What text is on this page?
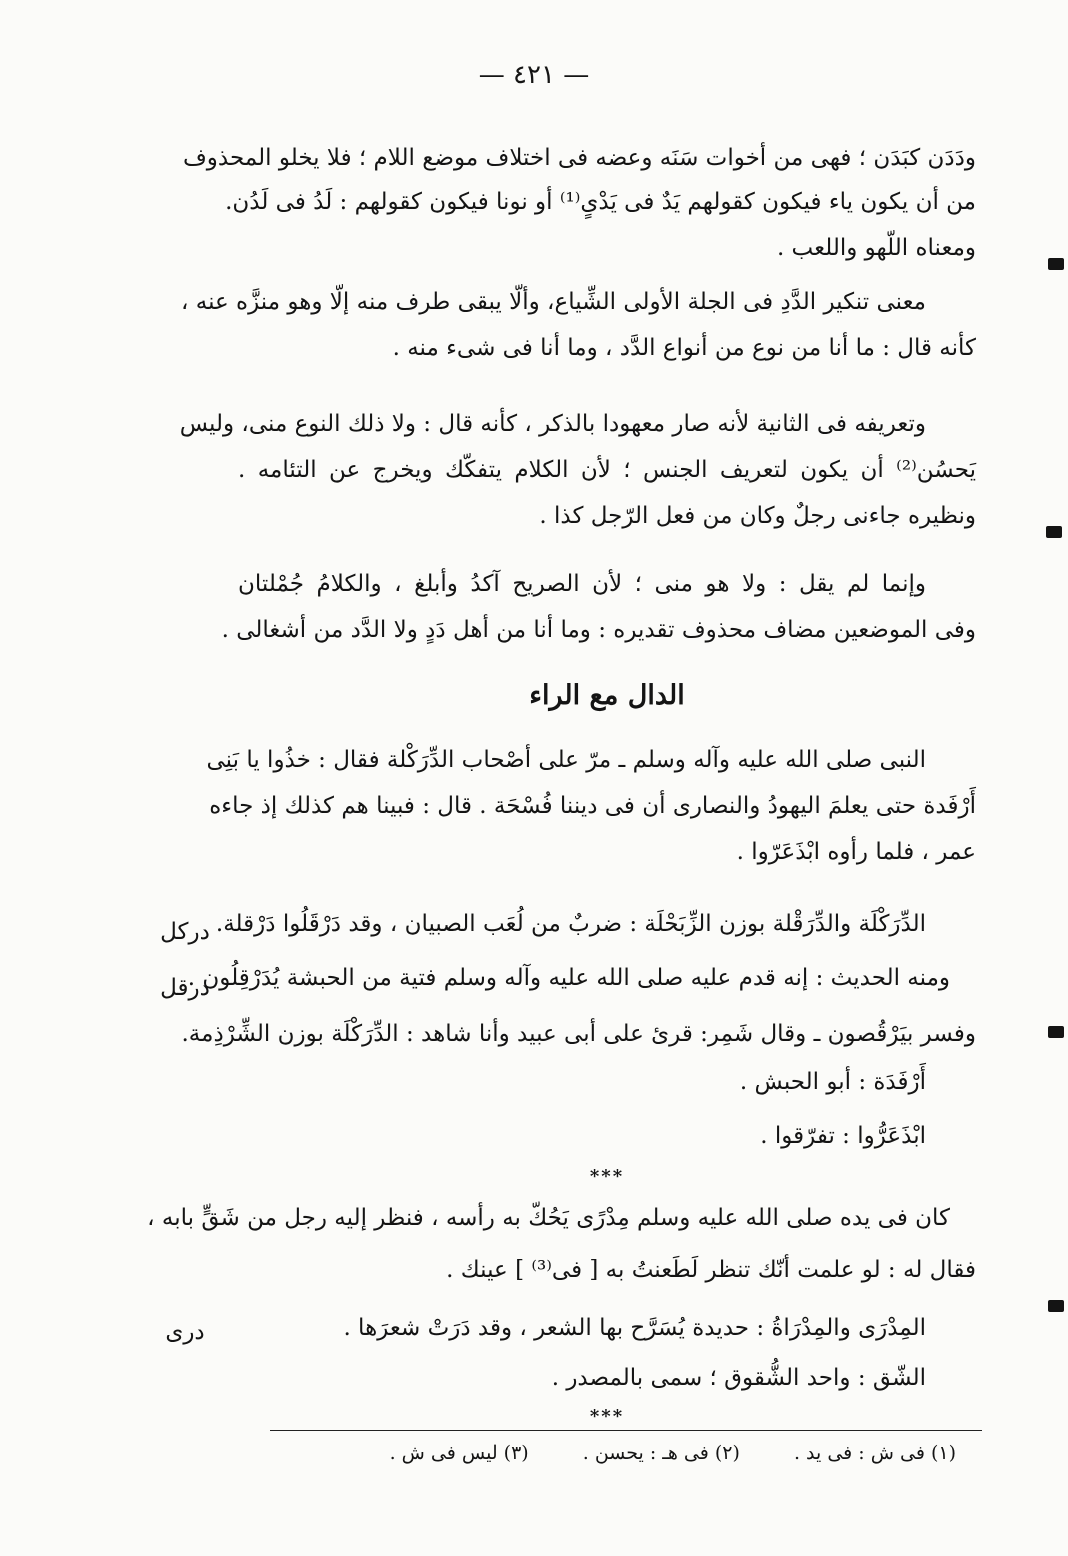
— ٤٢١ —
ودَدَن كبَدَن ؛ فهى من أخوات سَنَه وعضه فى اختلاف موضع اللام ؛ فلا يخلو المحذوف
من أن يكون ياء فيكون كقولهم يَدٌ فى يَدْىٍ⁽¹⁾ أو نونا فيكون كقولهم : لَدُ فى لَدُن.
ومعناه اللّهو واللعب .
معنى تنكير الدَّدِ فى الجلة الأولى الشِّياع، وألّا يبقى طرف منه إلّا وهو منزَّه عنه ،
كأنه قال : ما أنا من نوع من أنواع الدَّد ، وما أنا فى شىء منه .
وتعريفه فى الثانية لأنه صار معهودا بالذكر ، كأنه قال : ولا ذلك النوع منى، وليس
يَحسُن⁽²⁾ أن يكون لتعريف الجنس ؛ لأن الكلام يتفكّك ويخرج عن التئامه .
ونظيره جاءنى رجلٌ وكان من فعل الرّجل كذا .
وإنما لم يقل : ولا هو منى ؛ لأن الصريح آكدُ وأبلغ ، والكلامُ جُمْلتان
وفى الموضعين مضاف محذوف تقديره : وما أنا من أهل دَدٍ ولا الدَّد من أشغالى .
الدال مع الراء
النبى صلى الله عليه وآله وسلم ـ مرّ على أصْحاب الدِّرَكْلة فقال : خذُوا يا بَنِى
أَرْفَدة حتى يعلمَ اليهودُ والنصارى أن فى ديننا فُسْحَة . قال : فبينا هم كذلك إذ جاءه
عمر ، فلما رأوه ابْذَعَرّوا .
الدِّرَكْلَة والدِّرَقْلة بوزن الزِّبَحْلَة : ضربٌ من لُعَب الصبيان ، وقد دَرْقَلُوا دَرْقلة.
ومنه الحديث : إنه قدم عليه صلى الله عليه وآله وسلم فتية من الحبشة يُدَرْقِلُون .
وفسر بيَرْقُصون ـ وقال شَمِر: قرئ على أبى عبيد وأنا شاهد : الدِّرَكْلَة بوزن الشِّرْذِمة.
أَرْفَدَة : أبو الحبش .
ابْذَعَرُّوا : تفرّقوا .
***
كان فى يده صلى الله عليه وسلم مِدْرًى يَحُكّ به رأسه ، فنظر إليه رجل من شَقٍّ بابه ،
فقال له : لو علمت أنّك تنظر لَطَعنتُ به [ فى⁽³⁾ ] عينك .
المِدْرَى والمِدْرَاةُ : حديدة يُسَرَّح بها الشعر ، وقد دَرَتْ شعرَها .
الشّق : واحد الشُّقوق ؛ سمى بالمصدر .
***
دركل
درقل
درى
(١) فى ش : فى يد . (٢) فى هـ : يحسن . (٣) ليس فى ش .
